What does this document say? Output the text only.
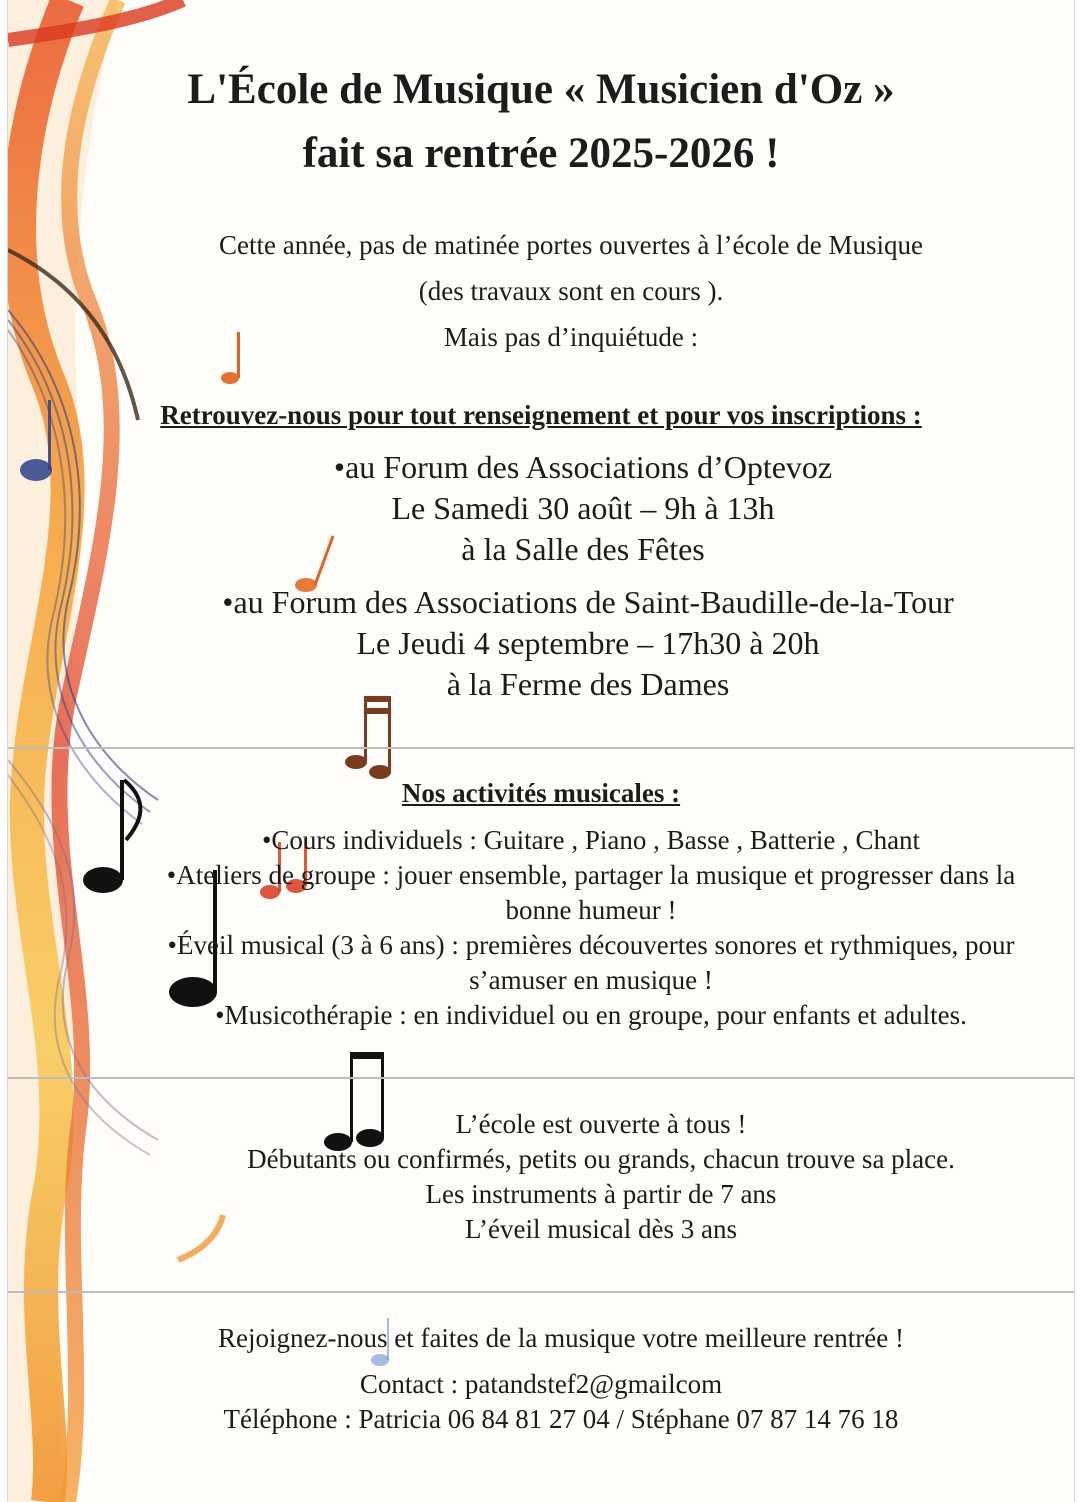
L'École de Musique « Musicien d'Oz »
fait sa rentrée 2025-2026 !
Cette année, pas de matinée portes ouvertes à l’école de Musique
(des travaux sont en cours ).
Mais pas d’inquiétude :
Retrouvez-nous pour tout renseignement et pour vos inscriptions :
•au Forum des Associations d’Optevoz
Le Samedi 30 août – 9h à 13h
à la Salle des Fêtes
•au Forum des Associations de Saint-Baudille-de-la-Tour
Le Jeudi 4 septembre – 17h30 à 20h
à la Ferme des Dames
Nos activités musicales :
•Cours individuels : Guitare , Piano , Basse , Batterie , Chant
•Ateliers de groupe : jouer ensemble, partager la musique et progresser dans la
bonne humeur !
•Éveil musical (3 à 6 ans) : premières découvertes sonores et rythmiques, pour
s’amuser en musique !
•Musicothérapie : en individuel ou en groupe, pour enfants et adultes.
L’école est ouverte à tous !
Débutants ou confirmés, petits ou grands, chacun trouve sa place.
Les instruments à partir de 7 ans
L’éveil musical dès 3 ans
Rejoignez-nous et faites de la musique votre meilleure rentrée !
Contact : patandstef2@gmailcom
Téléphone : Patricia 06 84 81 27 04 / Stéphane 07 87 14 76 18
